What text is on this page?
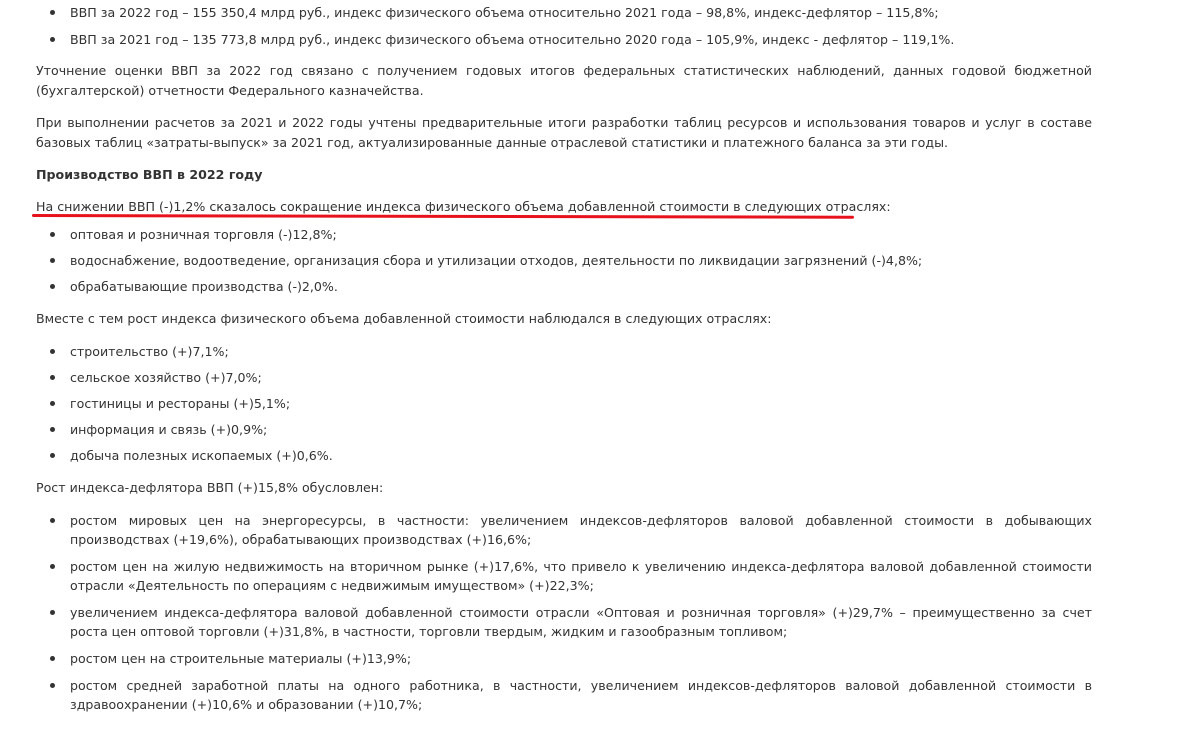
ВВП за 2022 год – 155 350,4 млрд руб., индекс физического объема относительно 2021 года – 98,8%, индекс-дефлятор – 115,8%;
ВВП за 2021 год – 135 773,8 млрд руб., индекс физического объема относительно 2020 года – 105,9%, индекс - дефлятор – 119,1%.

Уточнение оценки ВВП за 2022 год связано с получением годовых итогов федеральных статистических наблюдений, данных годовой бюджетной (бухгалтерской) отчетности Федерального казначейства.

При выполнении расчетов за 2021 и 2022 годы учтены предварительные итоги разработки таблиц ресурсов и использования товаров и услуг в составе базовых таблиц «затраты-выпуск» за 2021 год, актуализированные данные отраслевой статистики и платежного баланса за эти годы.

Производство ВВП в 2022 году

На снижении ВВП (-)1,2% сказалось сокращение индекса физического объема добавленной стоимости в следующих отраслях:

оптовая и розничная торговля (-)12,8%;
водоснабжение, водоотведение, организация сбора и утилизации отходов, деятельности по ликвидации загрязнений (-)4,8%;
обрабатывающие производства (-)2,0%.

Вместе с тем рост индекса физического объема добавленной стоимости наблюдался в следующих отраслях:

строительство (+)7,1%;
сельское хозяйство (+)7,0%;
гостиницы и рестораны (+)5,1%;
информация и связь (+)0,9%;
добыча полезных ископаемых (+)0,6%.

Рост индекса-дефлятора ВВП (+)15,8% обусловлен:

ростом мировых цен на энергоресурсы, в частности: увеличением индексов-дефляторов валовой добавленной стоимости в добывающих производствах (+19,6%), обрабатывающих производствах (+)16,6%;
ростом цен на жилую недвижимость на вторичном рынке (+)17,6%, что привело к увеличению индекса-дефлятора валовой добавленной стоимости отрасли «Деятельность по операциям с недвижимым имуществом» (+)22,3%;
увеличением индекса-дефлятора валовой добавленной стоимости отрасли «Оптовая и розничная торговля» (+)29,7% – преимущественно за счет роста цен оптовой торговли (+)31,8%, в частности, торговли твердым, жидким и газообразным топливом;
ростом цен на строительные материалы (+)13,9%;
ростом средней заработной платы на одного работника, в частности, увеличением индексов-дефляторов валовой добавленной стоимости в здравоохранении (+)10,6% и образовании (+)10,7%;
